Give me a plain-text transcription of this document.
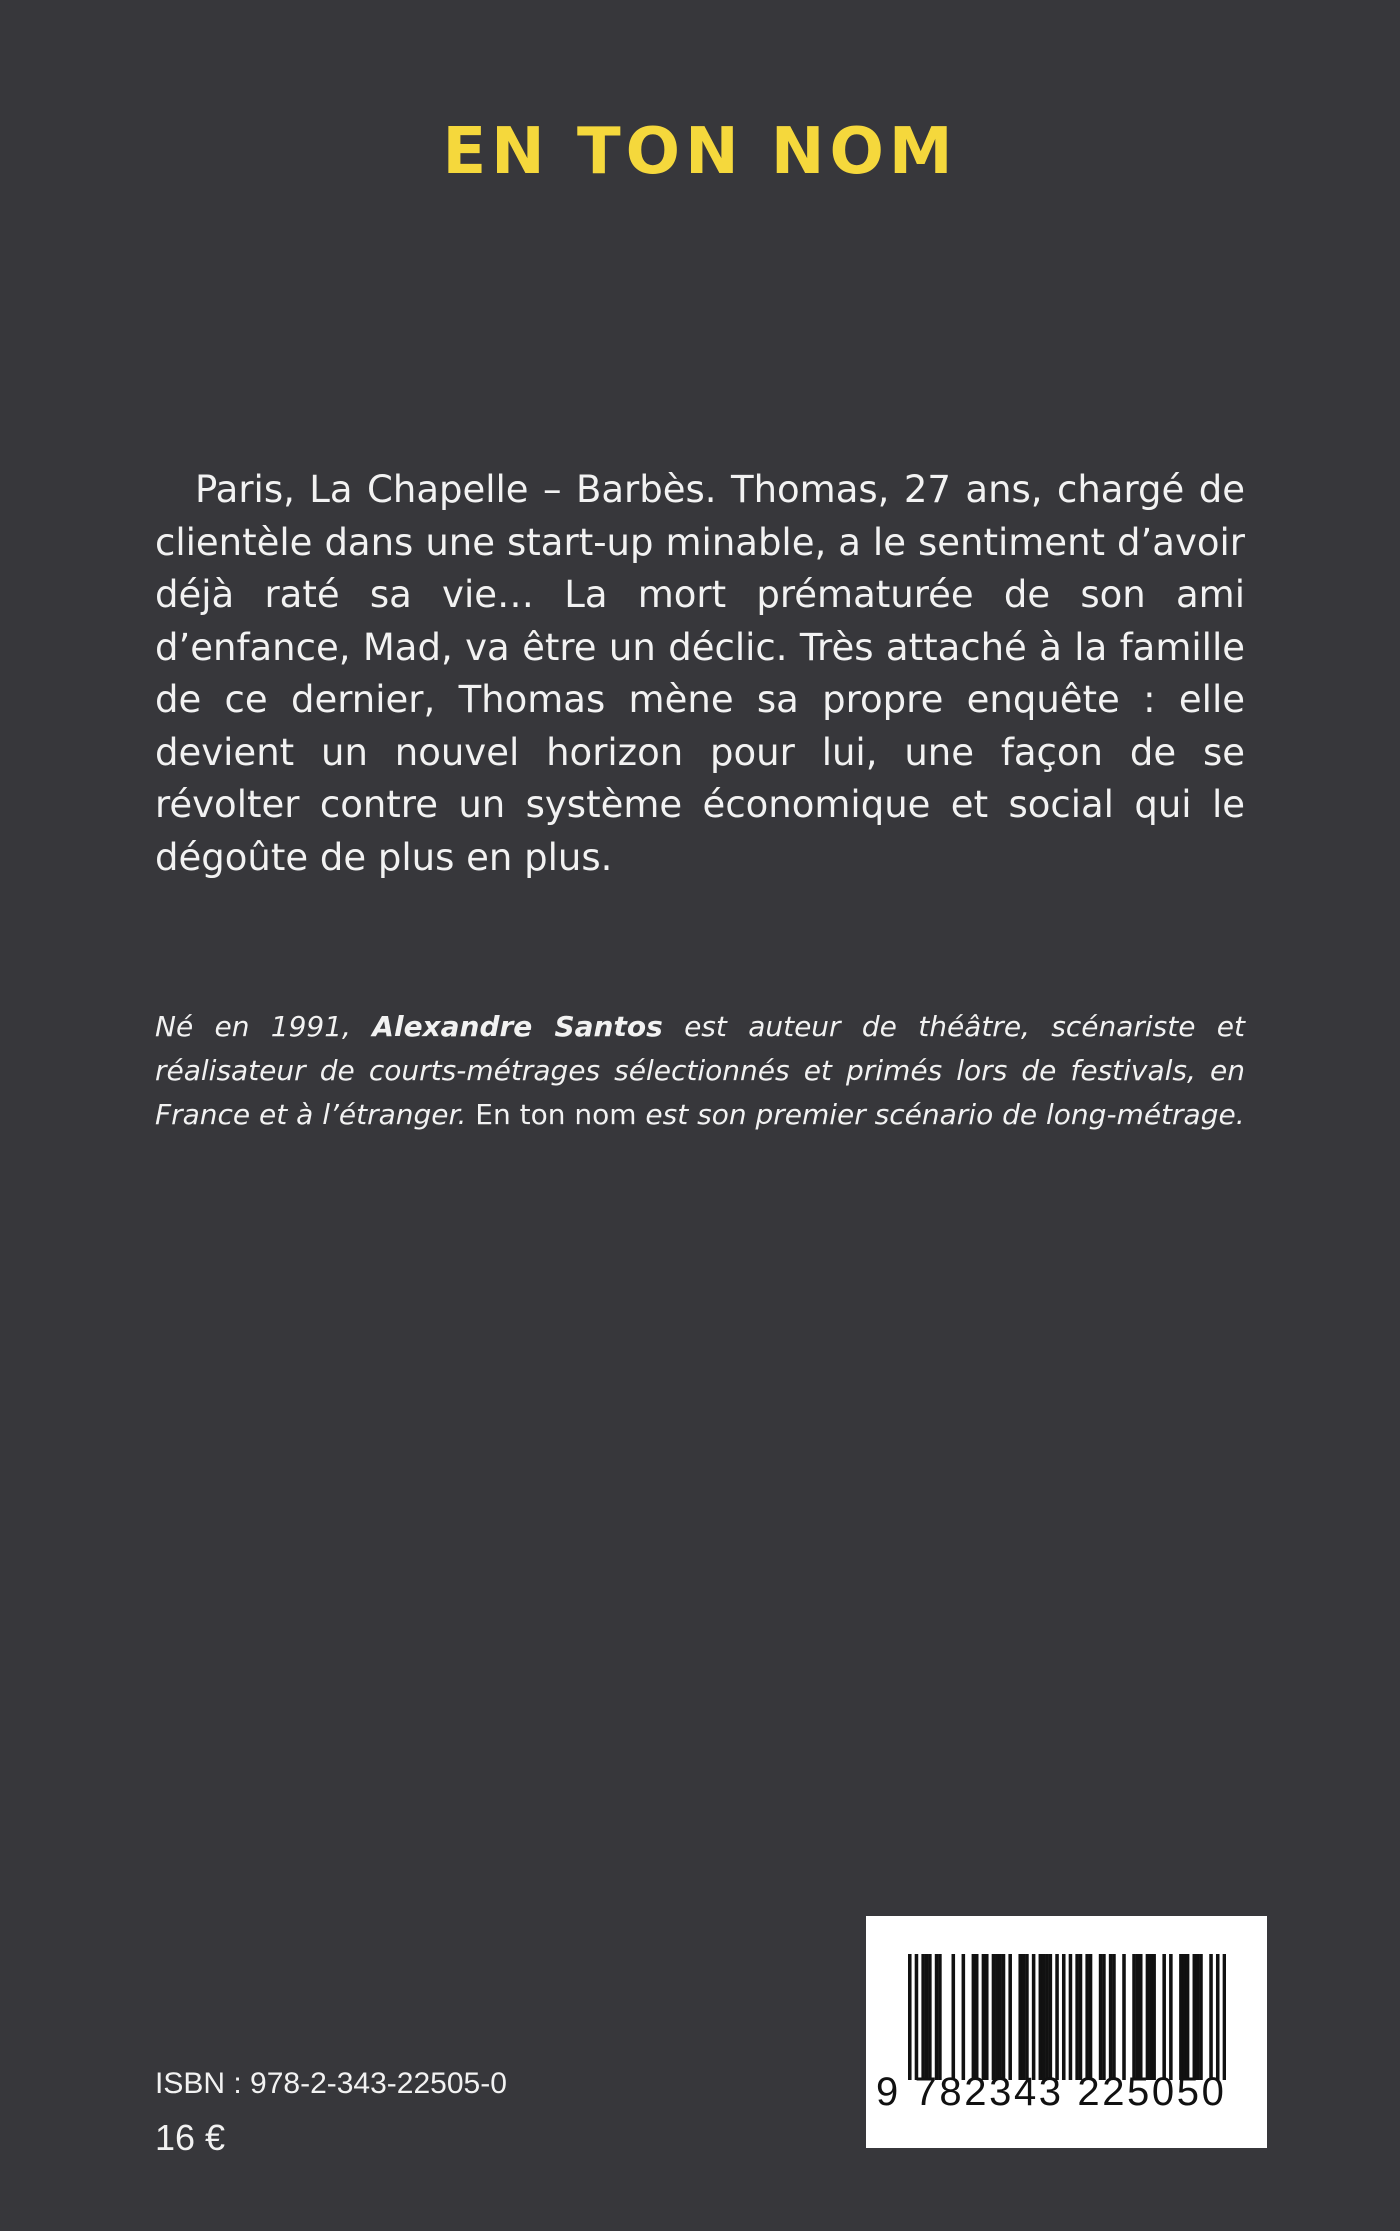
EN TON NOM

Paris, La Chapelle – Barbès. Thomas, 27 ans, chargé de clientèle dans une start-up minable, a le sentiment d’avoir déjà raté sa vie… La mort prématurée de son ami d’enfance, Mad, va être un déclic. Très attaché à la famille de ce dernier, Thomas mène sa propre enquête : elle devient un nouvel horizon pour lui, une façon de se révolter contre un système économique et social qui le dégoûte de plus en plus.

Né en 1991, Alexandre Santos est auteur de théâtre, scénariste et réalisateur de courts-métrages sélectionnés et primés lors de festivals, en France et à l’étranger. En ton nom est son premier scénario de long-métrage.

ISBN : 978-2-343-22505-0
16 €
9 782343 225050
